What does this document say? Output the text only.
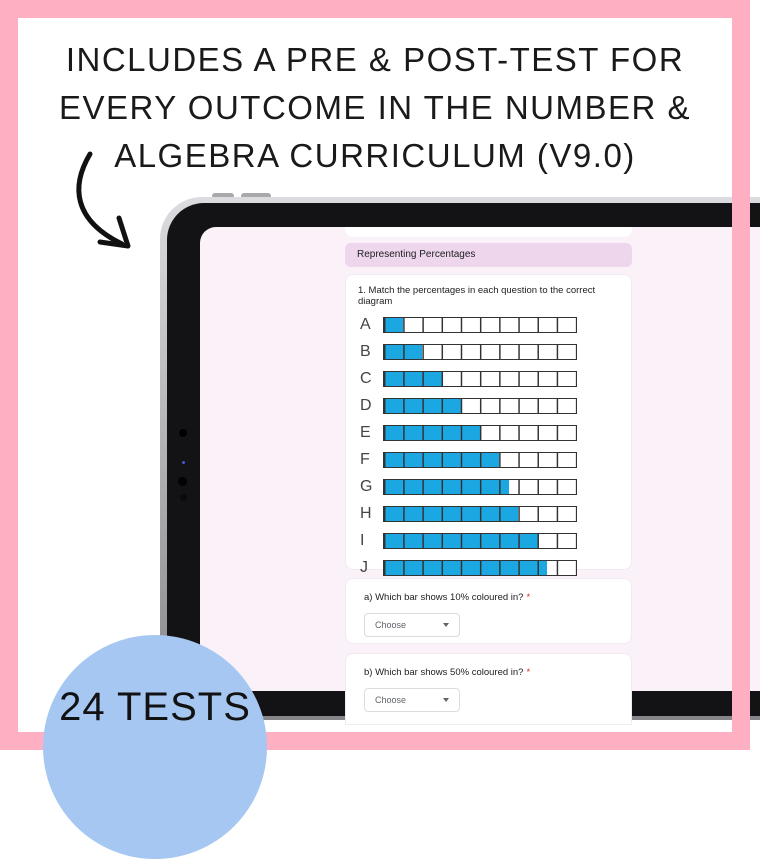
INCLUDES A PRE & POST-TEST FOR
EVERY OUTCOME IN THE NUMBER &
ALGEBRA CURRICULUM (V9.0)
Representing Percentages
1. Match the percentages in each question to the correct diagram
A
B
C
D
E
F
G
H
I
J
a) Which bar shows 10% coloured in? *
Choose
b) Which bar shows 50% coloured in? *
Choose
24 TESTS
